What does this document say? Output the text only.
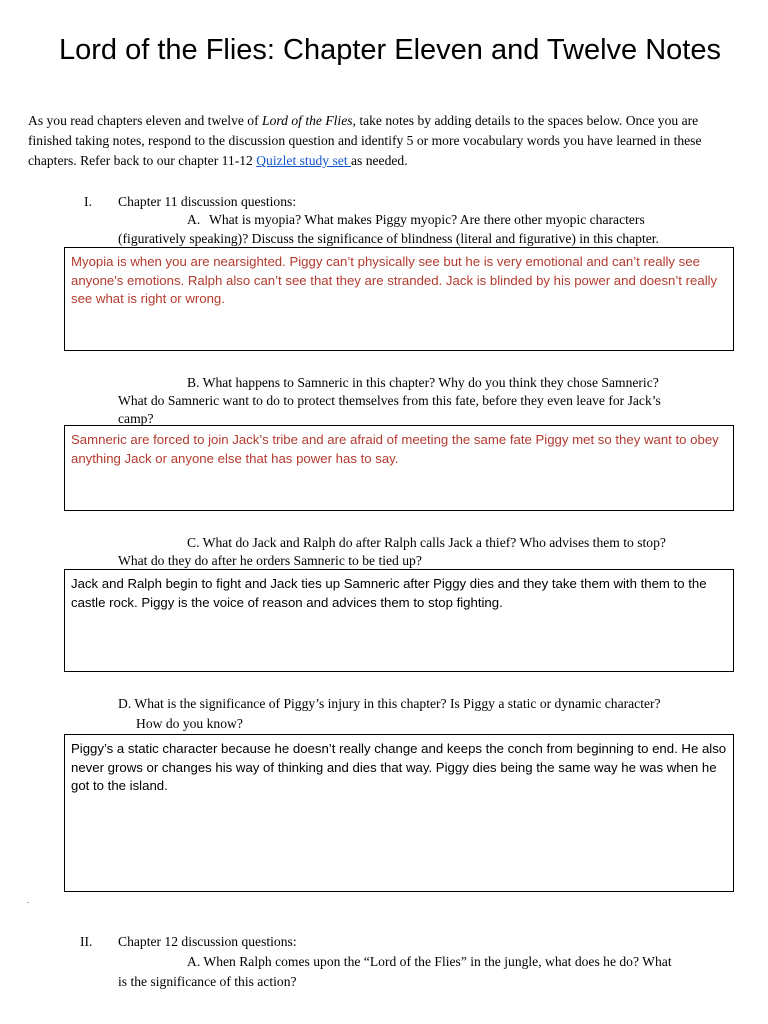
Lord of the Flies: Chapter Eleven and Twelve Notes
As you read chapters eleven and twelve of Lord of the Flies, take notes by adding details to the spaces below. Once you are finished taking notes, respond to the discussion question and identify 5 or more vocabulary words you have learned in these chapters. Refer back to our chapter 11-12 Quizlet study set as needed.
I. Chapter 11 discussion questions:
A. What is myopia? What makes Piggy myopic? Are there other myopic characters
(figuratively speaking)? Discuss the significance of blindness (literal and figurative) in this chapter.
Myopia is when you are nearsighted. Piggy can’t physically see but he is very emotional and can’t really see anyone's emotions. Ralph also can’t see that they are stranded. Jack is blinded by his power and doesn’t really see what is right or wrong.
B. What happens to Samneric in this chapter? Why do you think they chose Samneric?
What do Samneric want to do to protect themselves from this fate, before they even leave for Jack’s
camp?
Samneric are forced to join Jack’s tribe and are afraid of meeting the same fate Piggy met so they want to obey anything Jack or anyone else that has power has to say.
C. What do Jack and Ralph do after Ralph calls Jack a thief? Who advises them to stop?
What do they do after he orders Samneric to be tied up?
Jack and Ralph begin to fight and Jack ties up Samneric after Piggy dies and they take them with them to the castle rock. Piggy is the voice of reason and advices them to stop fighting.
D. What is the significance of Piggy’s injury in this chapter? Is Piggy a static or dynamic character?
How do you know?
Piggy’s a static character because he doesn’t really change and keeps the conch from beginning to end. He also never grows or changes his way of thinking and dies that way. Piggy dies being the same way he was when he got to the island.
.
II. Chapter 12 discussion questions:
A. When Ralph comes upon the “Lord of the Flies” in the jungle, what does he do? What
is the significance of this action?
